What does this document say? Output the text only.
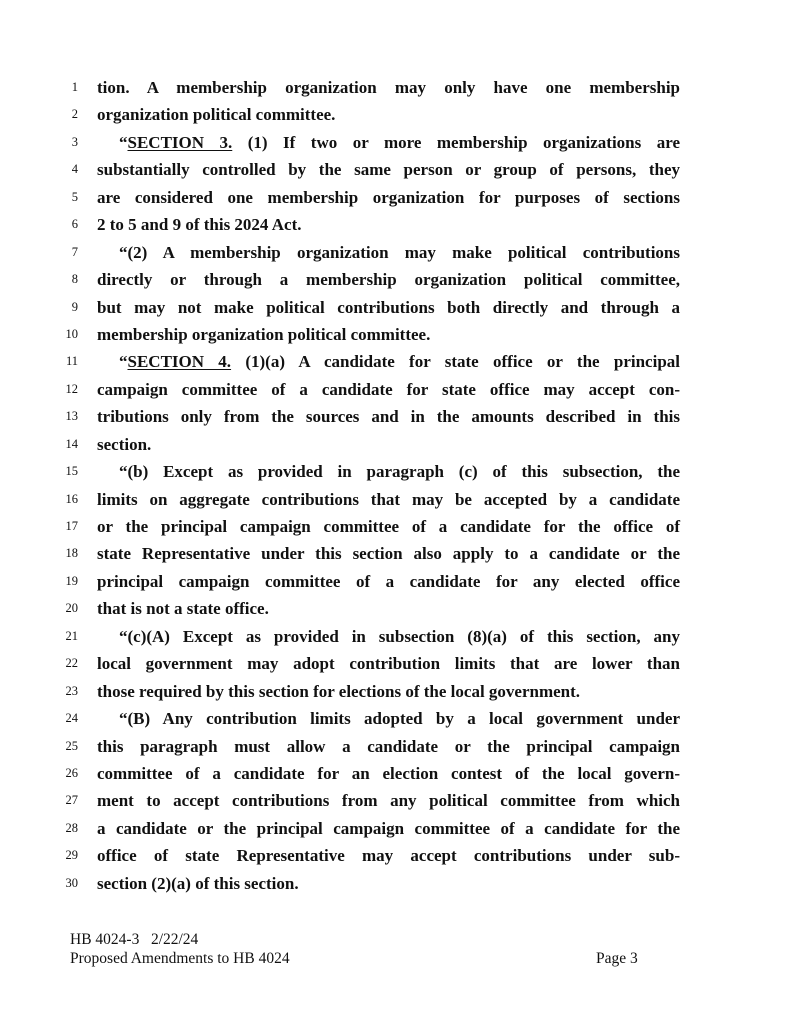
1 tion. A membership organization may only have one membership
2 organization political committee.
3	“SECTION 3. (1) If two or more membership organizations are
4 substantially controlled by the same person or group of persons, they
5 are considered one membership organization for purposes of sections
6 2 to 5 and 9 of this 2024 Act.
7	“(2) A membership organization may make political contributions
8 directly or through a membership organization political committee,
9 but may not make political contributions both directly and through a
10 membership organization political committee.
11	“SECTION 4. (1)(a) A candidate for state office or the principal
12 campaign committee of a candidate for state office may accept con-
13 tributions only from the sources and in the amounts described in this
14 section.
15	“(b) Except as provided in paragraph (c) of this subsection, the
16 limits on aggregate contributions that may be accepted by a candidate
17 or the principal campaign committee of a candidate for the office of
18 state Representative under this section also apply to a candidate or the
19 principal campaign committee of a candidate for any elected office
20 that is not a state office.
21	“(c)(A) Except as provided in subsection (8)(a) of this section, any
22 local government may adopt contribution limits that are lower than
23 those required by this section for elections of the local government.
24	“(B) Any contribution limits adopted by a local government under
25 this paragraph must allow a candidate or the principal campaign
26 committee of a candidate for an election contest of the local govern-
27 ment to accept contributions from any political committee from which
28 a candidate or the principal campaign committee of a candidate for the
29 office of state Representative may accept contributions under sub-
30 section (2)(a) of this section.
HB 4024-3   2/22/24
Proposed Amendments to HB 4024	Page 3
